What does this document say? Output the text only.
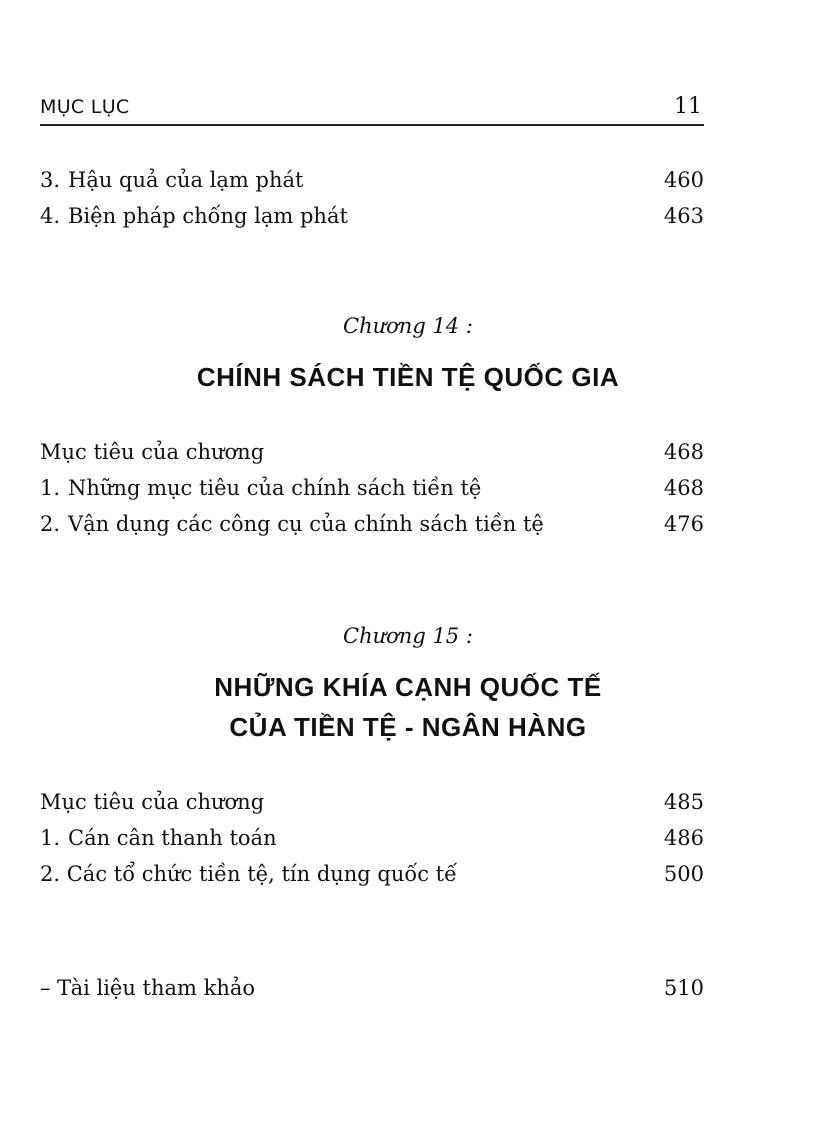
MỤC LỤC	11
3. Hậu quả của lạm phát	460
4. Biện pháp chống lạm phát	463
Chương 14 :
CHÍNH SÁCH TIỀN TỆ QUỐC GIA
Mục tiêu của chương	468
1. Những mục tiêu của chính sách tiền tệ	468
2. Vận dụng các công cụ của chính sách tiền tệ	476
Chương 15 :
NHỮNG KHÍA CẠNH QUỐC TẾ
CỦA TIỀN TỆ - NGÂN HÀNG
Mục tiêu của chương	485
1. Cán cân thanh toán	486
2. Các tổ chức tiền tệ, tín dụng quốc tế	500
– Tài liệu tham khảo	510
